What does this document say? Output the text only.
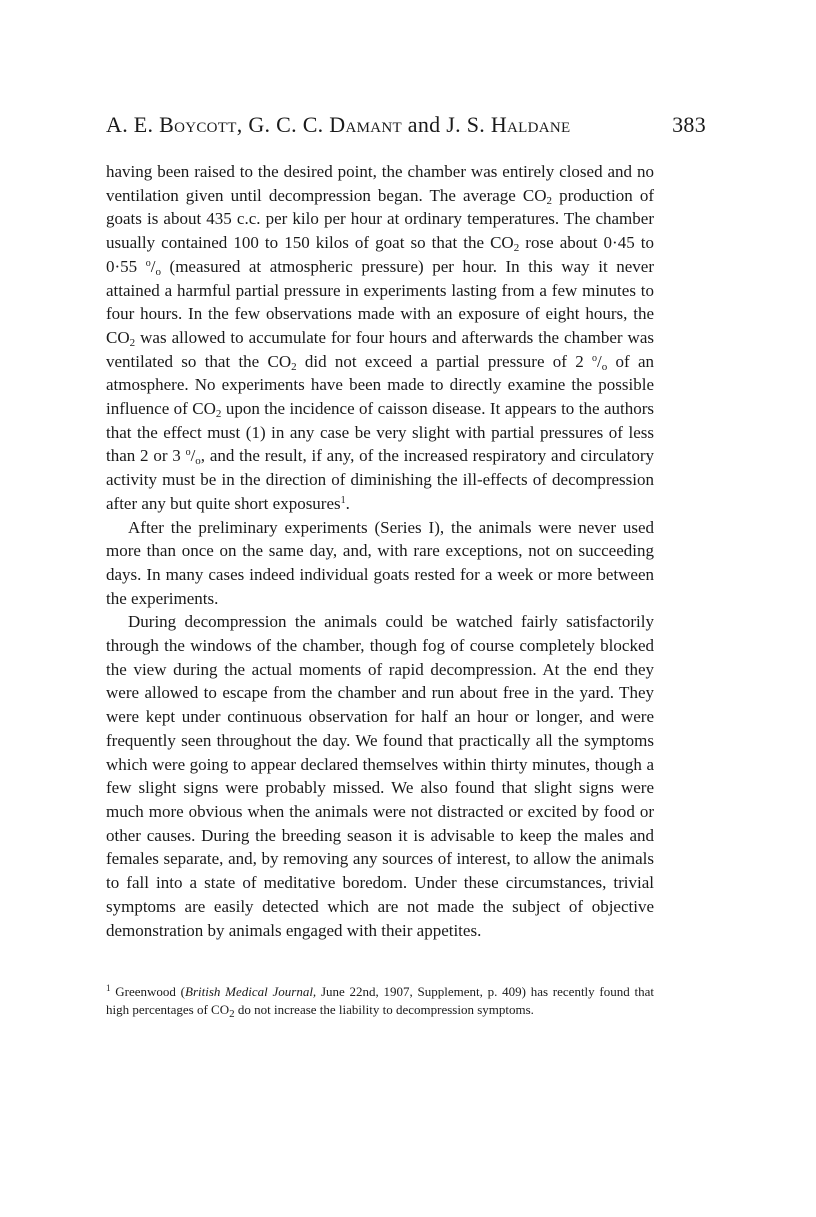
A. E. Boycott, G. C. C. Damant and J. S. Haldane	383

having been raised to the desired point, the chamber was entirely closed and no ventilation given until decompression began. The average $CO_2$ production of goats is about 435 c.c. per kilo per hour at ordinary temperatures. The chamber usually contained 100 to 150 kilos of goat so that the $CO_2$ rose about 0·45 to 0·55 $^o/_o$ (measured at atmospheric pressure) per hour. In this way it never attained a harmful partial pressure in experiments lasting from a few minutes to four hours. In the few observations made with an exposure of eight hours, the $CO_2$ was allowed to accumulate for four hours and afterwards the chamber was ventilated so that the $CO_2$ did not exceed a partial pressure of 2 $^o/_o$ of an atmosphere. No experiments have been made to directly examine the possible influence of $CO_2$ upon the incidence of caisson disease. It appears to the authors that the effect must (1) in any case be very slight with partial pressures of less than 2 or 3 $^o/_o$, and the result, if any, of the increased respiratory and circulatory activity must be in the direction of diminishing the ill-effects of decompression after any but quite short exposures$^1$.

After the preliminary experiments (Series I), the animals were never used more than once on the same day, and, with rare exceptions, not on succeeding days. In many cases indeed individual goats rested for a week or more between the experiments.

During decompression the animals could be watched fairly satisfactorily through the windows of the chamber, though fog of course completely blocked the view during the actual moments of rapid decompression. At the end they were allowed to escape from the chamber and run about free in the yard. They were kept under continuous observation for half an hour or longer, and were frequently seen throughout the day. We found that practically all the symptoms which were going to appear declared themselves within thirty minutes, though a few slight signs were probably missed. We also found that slight signs were much more obvious when the animals were not distracted or excited by food or other causes. During the breeding season it is advisable to keep the males and females separate, and, by removing any sources of interest, to allow the animals to fall into a state of meditative boredom. Under these circumstances, trivial symptoms are easily detected which are not made the subject of objective demonstration by animals engaged with their appetites.

$^1$ Greenwood (British Medical Journal, June 22nd, 1907, Supplement, p. 409) has recently found that high percentages of $CO_2$ do not increase the liability to decompression symptoms.
